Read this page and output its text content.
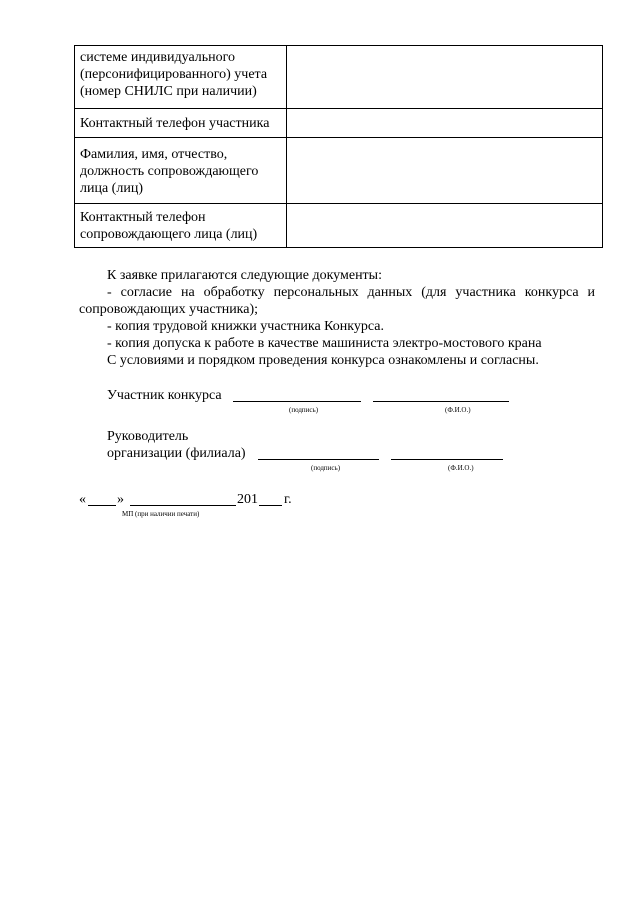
системе индивидуального (персонифицированного) учета (номер СНИЛС при наличии)	
Контактный телефон участника	
Фамилия, имя, отчество, должность сопровождающего лица (лиц)	
Контактный телефон сопровождающего лица (лиц)	
К заявке прилагаются следующие документы:
- согласие на обработку персональных данных (для участника конкурса и сопровождающих участника);
- копия трудовой книжки участника Конкурса.
- копия допуска к работе в качестве машиниста электро-мостового крана
С условиями и порядком проведения конкурса ознакомлены и согласны.
Участник конкурса
(подпись)	(Ф.И.О.)
Руководитель
организации (филиала)
(подпись)	(Ф.И.О.)
« »	201 г.
МП (при наличии печати)
